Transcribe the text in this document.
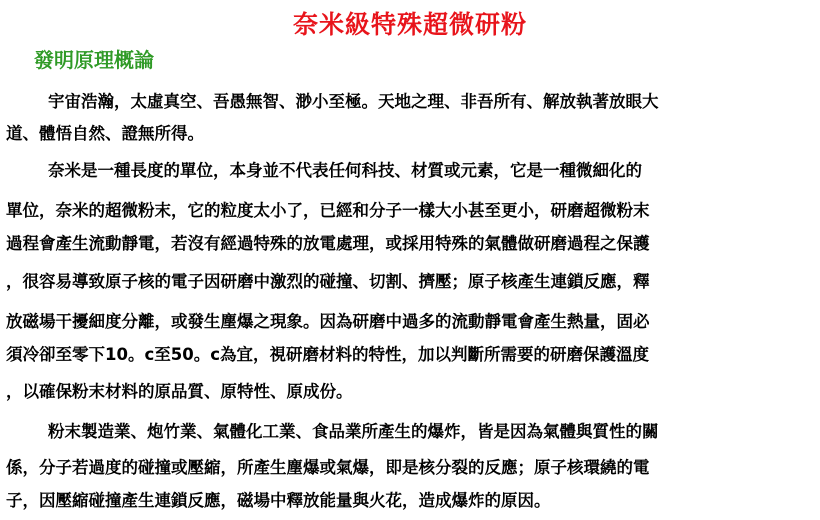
奈米級特殊超微研粉
發明原理概論
宇宙浩瀚，太虛真空、吾愚無智、渺小至極。天地之理、非吾所有、解放執著放眼大
道、體悟自然、證無所得。
奈米是一種長度的單位，本身並不代表任何科技、材質或元素，它是一種微細化的
單位，奈米的超微粉末，它的粒度太小了，已經和分子一樣大小甚至更小，研磨超微粉末
過程會產生流動靜電，若沒有經過特殊的放電處理，或採用特殊的氣體做研磨過程之保護
，很容易導致原子核的電子因研磨中激烈的碰撞、切割、擠壓；原子核產生連鎖反應，釋
放磁場干擾細度分離，或發生塵爆之現象。因為研磨中過多的流動靜電會產生熱量，固必
須冷卻至零下10。c至50。c為宜，視研磨材料的特性，加以判斷所需要的研磨保護溫度
，以確保粉末材料的原品質、原特性、原成份。
粉末製造業、炮竹業、氣體化工業、食品業所產生的爆炸，皆是因為氣體與質性的關
係，分子若過度的碰撞或壓縮，所產生塵爆或氣爆，即是核分裂的反應；原子核環繞的電
子，因壓縮碰撞產生連鎖反應，磁場中釋放能量與火花，造成爆炸的原因。
